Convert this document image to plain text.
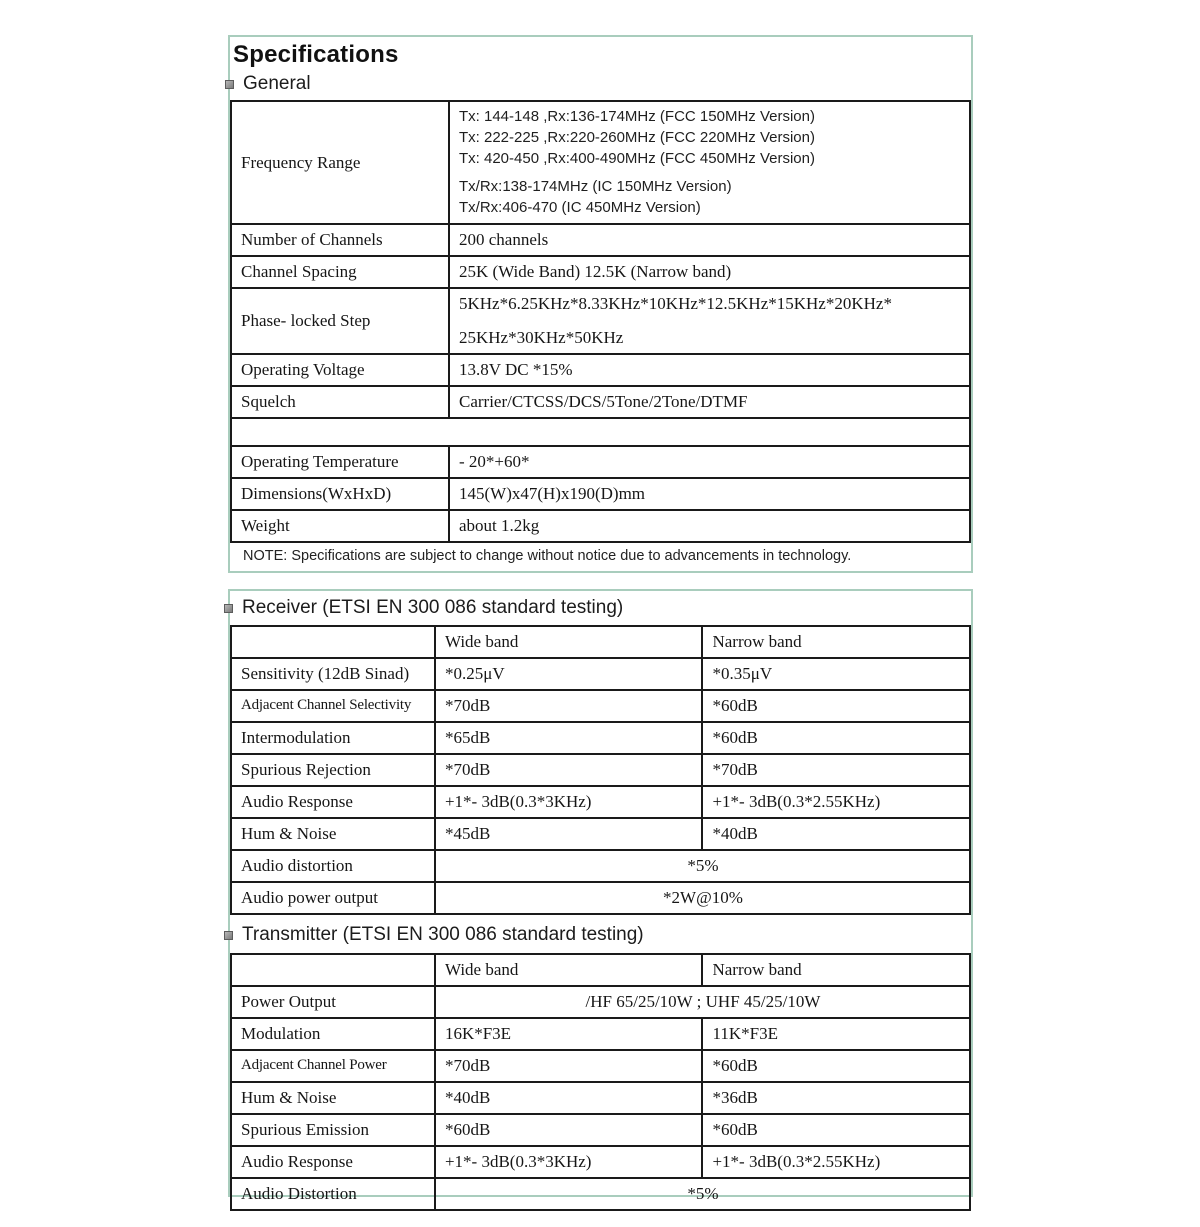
Specifications
General
Frequency Range	Tx: 144-148 ,Rx:136-174MHz (FCC 150MHz Version)
Tx: 222-225 ,Rx:220-260MHz (FCC 220MHz Version)
Tx: 420-450 ,Rx:400-490MHz (FCC 450MHz Version)
Tx/Rx:138-174MHz (IC 150MHz Version)
Tx/Rx:406-470 (IC 450MHz Version)

Number of Channels	200 channels
Channel Spacing	25K (Wide Band) 12.5K (Narrow band)
Phase- locked Step	5KHz*6.25KHz*8.33KHz*10KHz*12.5KHz*15KHz*20KHz*
25KHz*30KHz*50KHz

Operating Voltage	13.8V DC *15%
Squelch	Carrier/CTCSS/DCS/5Tone/2Tone/DTMF

Operating Temperature	- 20*+60*
Dimensions(WxHxD)	145(W)x47(H)x190(D)mm
Weight	about 1.2kg
NOTE: Specifications are subject to change without notice due to advancements in technology.
Receiver (ETSI EN 300 086 standard testing)
	Wide band	Narrow band
Sensitivity (12dB Sinad)	*0.25μV	*0.35μV
Adjacent Channel Selectivity	*70dB	*60dB
Intermodulation	*65dB	*60dB
Spurious Rejection	*70dB	*70dB
Audio Response	+1*- 3dB(0.3*3KHz)	+1*- 3dB(0.3*2.55KHz)
Hum & Noise	*45dB	*40dB
Audio distortion	*5%	
Audio power output	*2W@10%	
Transmitter (ETSI EN 300 086 standard testing)
	Wide band	Narrow band
Power Output	/HF 65/25/10W ; UHF 45/25/10W	
Modulation	16K*F3E	11K*F3E
Adjacent Channel Power	*70dB	*60dB
Hum & Noise	*40dB	*36dB
Spurious Emission	*60dB	*60dB
Audio Response	+1*- 3dB(0.3*3KHz)	+1*- 3dB(0.3*2.55KHz)
Audio Distortion	*5%	
